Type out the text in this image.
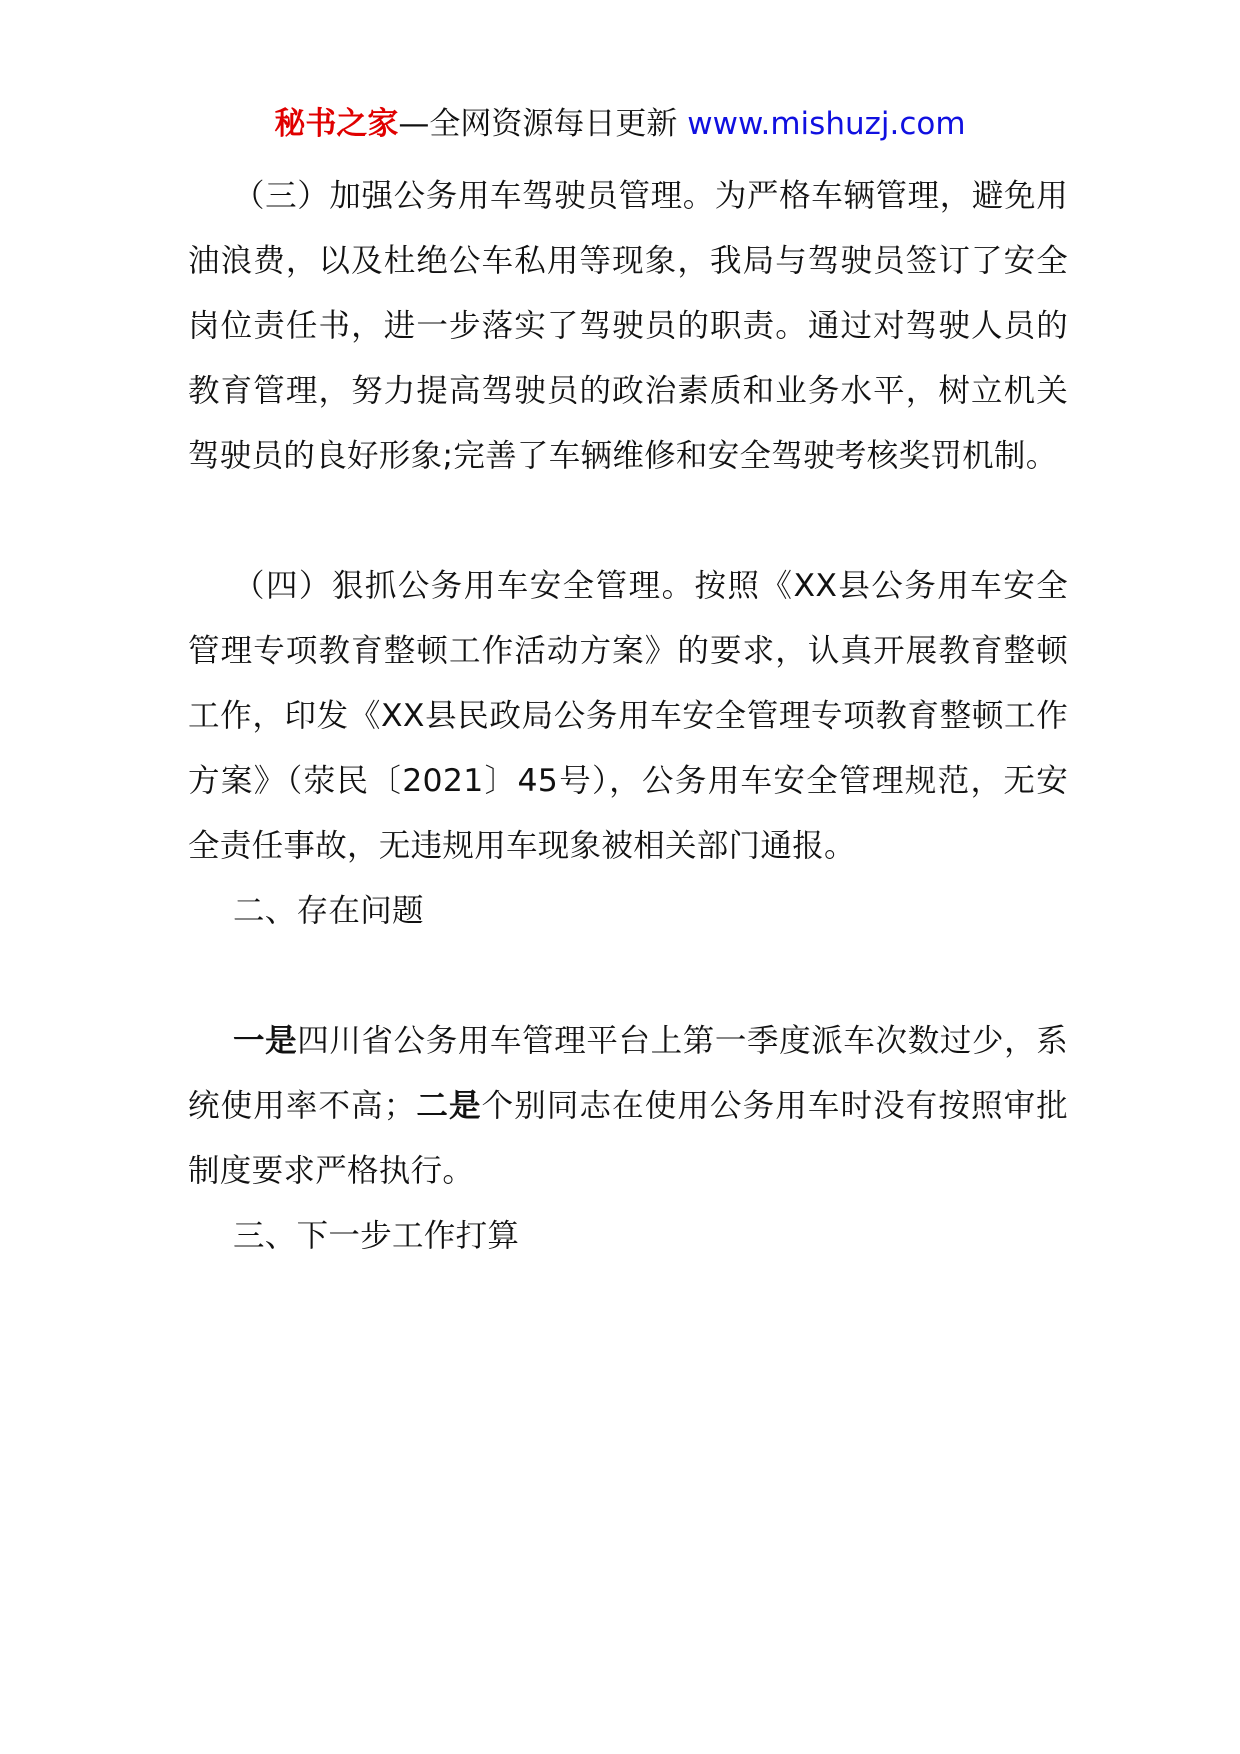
秘书之家—全网资源每日更新 www.mishuzj.com

（三）加强公务用车驾驶员管理。为严格车辆管理，避免用油浪费，以及杜绝公车私用等现象，我局与驾驶员签订了安全岗位责任书，进一步落实了驾驶员的职责。通过对驾驶人员的教育管理，努力提高驾驶员的政治素质和业务水平，树立机关驾驶员的良好形象;完善了车辆维修和安全驾驶考核奖罚机制。

（四）狠抓公务用车安全管理。按照《XX县公务用车安全管理专项教育整顿工作活动方案》的要求，认真开展教育整顿工作，印发《XX县民政局公务用车安全管理专项教育整顿工作方案》（荥民〔2021〕45号），公务用车安全管理规范，无安全责任事故，无违规用车现象被相关部门通报。

二、存在问题

一是四川省公务用车管理平台上第一季度派车次数过少，系统使用率不高；二是个别同志在使用公务用车时没有按照审批制度要求严格执行。

三、下一步工作打算
